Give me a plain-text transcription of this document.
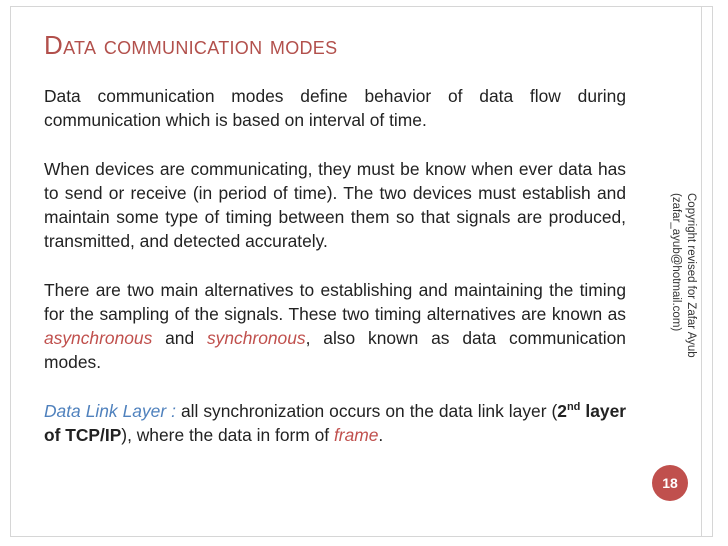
Data communication modes

Data communication modes define behavior of data flow during communication which is based on interval of time.

When devices are communicating, they must be know when ever data has to send or receive (in period of time). The two devices must establish and maintain some type of timing between them so that signals are produced, transmitted, and detected accurately.

There are two main alternatives to establishing and maintaining the timing for the sampling of the signals. These two timing alternatives are known as asynchronous and synchronous, also known as data communication modes.

Data Link Layer : all synchronization occurs on the data link layer (2nd layer of TCP/IP), where the data in form of frame.

Copyright revised for Zafar Ayub
(zafar_ayub@hotmail.com)
18
